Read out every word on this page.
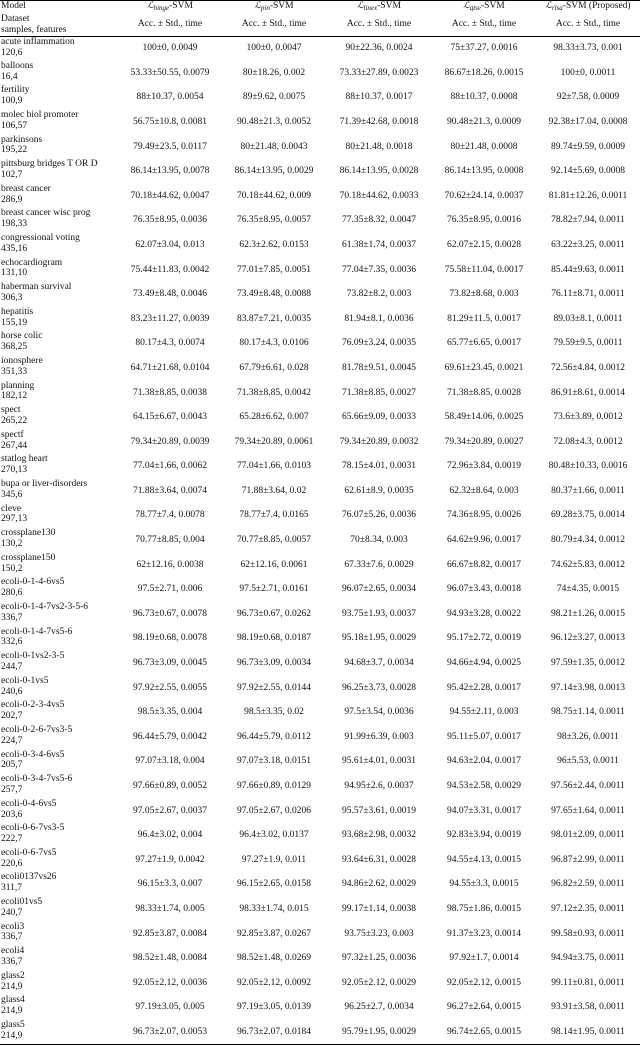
Model	ℒ$_{hinge}$-SVM	ℒ$_{pin}$-SVM	ℒ$_{linex}$-SVM	ℒ$_{qtse}$-SVM	ℒ$_{rlsa}$-SVM (Proposed)

Dataset
samples, features	Acc. ± Std., time	Acc. ± Std., time	Acc. ± Std., time	Acc. ± Std., time	Acc. ± Std., time

acute inflammation
120,6	100±0, 0.0049	100±0, 0.0047	90±22.36, 0.0024	75±37.27, 0.0016	98.33±3.73, 0.001

balloons
16,4	53.33±50.55, 0.0079	80±18.26, 0.002	73.33±27.89, 0.0023	86.67±18.26, 0.0015	100±0, 0.0011

fertility
100,9	88±10.37, 0.0054	89±9.62, 0.0075	88±10.37, 0.0017	88±10.37, 0.0008	92±7.58, 0.0009

molec biol promoter
106,57	56.75±10.8, 0.0081	90.48±21.3, 0.0052	71.39±42.68, 0.0018	90.48±21.3, 0.0009	92.38±17.04, 0.0008

parkinsons
195,22	79.49±23.5, 0.0117	80±21.48, 0.0043	80±21.48, 0.0018	80±21.48, 0.0008	89.74±9.59, 0.0009

pittsburg bridges T OR D
102,7	86.14±13.95, 0.0078	86.14±13.95, 0.0029	86.14±13.95, 0.0028	86.14±13.95, 0.0008	92.14±5.69, 0.0008

breast cancer
286,9	70.18±44.62, 0.0047	70.18±44.62, 0.009	70.18±44.62, 0.0033	70.62±24.14, 0.0037	81.81±12.26, 0.0011

breast cancer wisc prog
198,33	76.35±8.95, 0.0036	76.35±8.95, 0.0057	77.35±8.32, 0.0047	76.35±8.95, 0.0016	78.82±7.94, 0.0011

congressional voting
435,16	62.07±3.04, 0.013	62.3±2.62, 0.0153	61.38±1.74, 0.0037	62.07±2.15, 0.0028	63.22±3.25, 0.0011

echocardiogram
131,10	75.44±11.83, 0.0042	77.01±7.85, 0.0051	77.04±7.35, 0.0036	75.58±11.04, 0.0017	85.44±9.63, 0.0011

haberman survival
306,3	73.49±8.48, 0.0046	73.49±8.48, 0.0088	73.82±8.2, 0.003	73.82±8.68, 0.003	76.11±8.71, 0.0011

hepatitis
155,19	83.23±11.27, 0.0039	83.87±7.21, 0.0035	81.94±8.1, 0.0036	81.29±11.5, 0.0017	89.03±8.1, 0.0011

horse colic
368,25	80.17±4.3, 0.0074	80.17±4.3, 0.0106	76.09±3.24, 0.0035	65.77±6.65, 0.0017	79.59±9.5, 0.0011

ionosphere
351,33	64.71±21.68, 0.0104	67.79±6.61, 0.028	81.78±9.51, 0.0045	69.61±23.45, 0.0021	72.56±4.84, 0.0012

planning
182,12	71.38±8.85, 0.0038	71.38±8.85, 0.0042	71.38±8.85, 0.0027	71.38±8.85, 0.0028	86.91±8.61, 0.0014

spect
265,22	64.15±6.67, 0.0043	65.28±6.62, 0.007	65.66±9.09, 0.0033	58.49±14.06, 0.0025	73.6±3.89, 0.0012

spectf
267,44	79.34±20.89, 0.0039	79.34±20.89, 0.0061	79.34±20.89, 0.0032	79.34±20.89, 0.0027	72.08±4.3, 0.0012

statlog heart
270,13	77.04±1.66, 0.0062	77.04±1.66, 0.0103	78.15±4.01, 0.0031	72.96±3.84, 0.0019	80.48±10.33, 0.0016

bupa or liver-disorders
345,6	71.88±3.64, 0.0074	71.88±3.64, 0.02	62.61±8.9, 0.0035	62.32±8.64, 0.003	80.37±1.66, 0.0011

cleve
297,13	78.77±7.4, 0.0078	78.77±7.4, 0.0165	76.07±5.26, 0.0036	74.36±8.95, 0.0026	69.28±3.75, 0.0014

crossplane130
130,2	70.77±8.85, 0.004	70.77±8.85, 0.0057	70±8.34, 0.003	64.62±9.96, 0.0017	80.79±4.34, 0.0012

crossplane150
150,2	62±12.16, 0.0038	62±12.16, 0.0061	67.33±7.6, 0.0029	66.67±8.82, 0.0017	74.62±5.83, 0.0012

ecoli-0-1-4-6vs5
280,6	97.5±2.71, 0.006	97.5±2.71, 0.0161	96.07±2.65, 0.0034	96.07±3.43, 0.0018	74±4.35, 0.0015

ecoli-0-1-4-7vs2-3-5-6
336,7	96.73±0.67, 0.0078	96.73±0.67, 0.0262	93.75±1.93, 0.0037	94.93±3.28, 0.0022	98.21±1.26, 0.0015

ecoli-0-1-4-7vs5-6
332,6	98.19±0.68, 0.0078	98.19±0.68, 0.0187	95.18±1.95, 0.0029	95.17±2.72, 0.0019	96.12±3.27, 0.0013

ecoli-0-1vs2-3-5
244,7	96.73±3.09, 0.0045	96.73±3.09, 0.0034	94.68±3.7, 0.0034	94.66±4.94, 0.0025	97.59±1.35, 0.0012

ecoli-0-1vs5
240,6	97.92±2.55, 0.0055	97.92±2.55, 0.0144	96.25±3.73, 0.0028	95.42±2.28, 0.0017	97.14±3.98, 0.0013

ecoli-0-2-3-4vs5
202,7	98.5±3.35, 0.004	98.5±3.35, 0.02	97.5±3.54, 0.0036	94.55±2.11, 0.003	98.75±1.14, 0.0011

ecoli-0-2-6-7vs3-5
224,7	96.44±5.79, 0.0042	96.44±5.79, 0.0112	91.99±6.39, 0.003	95.11±5.07, 0.0017	98±3.26, 0.0011

ecoli-0-3-4-6vs5
205,7	97.07±3.18, 0.004	97.07±3.18, 0.0151	95.61±4.01, 0.0031	94.63±2.04, 0.0017	96±5.53, 0.0011

ecoli-0-3-4-7vs5-6
257,7	97.66±0.89, 0.0052	97.66±0.89, 0.0129	94.95±2.6, 0.0037	94.53±2.58, 0.0029	97.56±2.44, 0.0011

ecoli-0-4-6vs5
203,6	97.05±2.67, 0.0037	97.05±2.67, 0.0206	95.57±3.61, 0.0019	94.07±3.31, 0.0017	97.65±1.64, 0.0011

ecoli-0-6-7vs3-5
222,7	96.4±3.02, 0.004	96.4±3.02, 0.0137	93.68±2.98, 0.0032	92.83±3.94, 0.0019	98.01±2.09, 0.0011

ecoli-0-6-7vs5
220,6	97.27±1.9, 0.0042	97.27±1.9, 0.011	93.64±6.31, 0.0028	94.55±4.13, 0.0015	96.87±2.99, 0.0011

ecoli0137vs26
311,7	96.15±3.3, 0.007	96.15±2.65, 0.0158	94.86±2.62, 0.0029	94.55±3.3, 0.0015	96.82±2.59, 0.0011

ecoli01vs5
240,7	98.33±1.74, 0.005	98.33±1.74, 0.015	99.17±1.14, 0.0038	98.75±1.86, 0.0015	97.12±2.35, 0.0011

ecoli3
336,7	92.85±3.87, 0.0084	92.85±3.87, 0.0267	93.75±3.23, 0.003	91.37±3.23, 0.0014	99.58±0.93, 0.0011

ecoli4
336,7	98.52±1.48, 0.0084	98.52±1.48, 0.0269	97.32±1.25, 0.0036	97.92±1.7, 0.0014	94.94±3.75, 0.0011

glass2
214,9	92.05±2.12, 0.0036	92.05±2.12, 0.0092	92.05±2.12, 0.0029	92.05±2.12, 0.0015	99.11±0.81, 0.0011

glass4
214,9	97.19±3.05, 0.005	97.19±3.05, 0.0139	96.25±2.7, 0.0034	96.27±2.64, 0.0015	93.91±3.58, 0.0011

glass5
214,9	96.73±2.07, 0.0053	96.73±2.07, 0.0184	95.79±1.95, 0.0029	96.74±2.65, 0.0015	98.14±1.95, 0.0011
